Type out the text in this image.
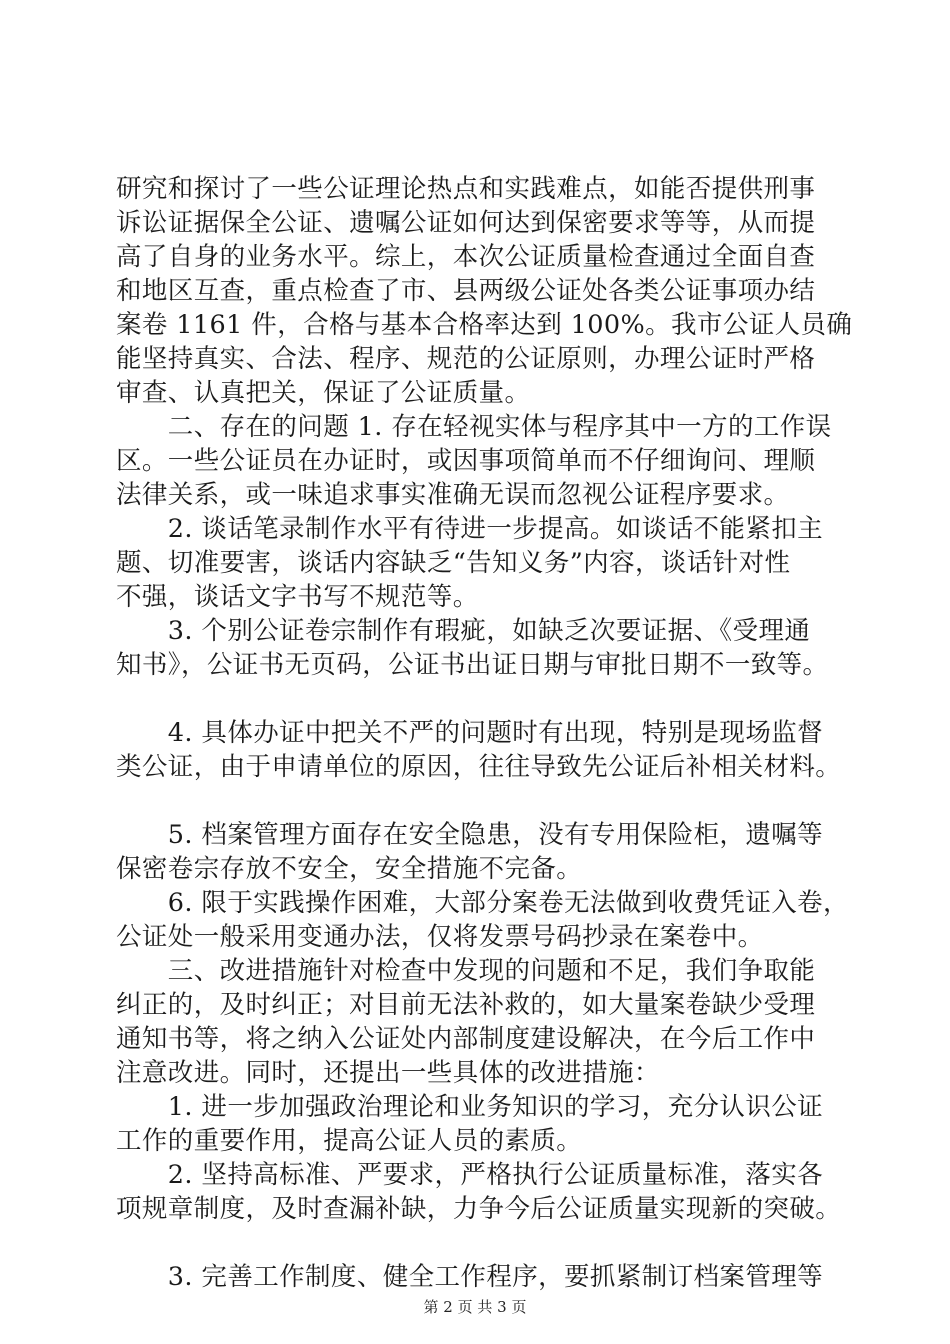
研究和探讨了一些公证理论热点和实践难点，如能否提供刑事
诉讼证据保全公证、遗嘱公证如何达到保密要求等等，从而提
高了自身的业务水平。综上，本次公证质量检查通过全面自查
和地区互查，重点检查了市、县两级公证处各类公证事项办结
案卷 1161 件，合格与基本合格率达到 100%。我市公证人员确
能坚持真实、合法、程序、规范的公证原则，办理公证时严格
审查、认真把关，保证了公证质量。
　　二、存在的问题 1. 存在轻视实体与程序其中一方的工作误
区。一些公证员在办证时，或因事项简单而不仔细询问、理顺
法律关系，或一味追求事实准确无误而忽视公证程序要求。
　　2. 谈话笔录制作水平有待进一步提高。如谈话不能紧扣主
题、切准要害，谈话内容缺乏“告知义务”内容，谈话针对性
不强，谈话文字书写不规范等。
　　3. 个别公证卷宗制作有瑕疵，如缺乏次要证据、《受理通
知书》，公证书无页码，公证书出证日期与审批日期不一致等。
　　4. 具体办证中把关不严的问题时有出现，特别是现场监督
类公证，由于申请单位的原因，往往导致先公证后补相关材料。
　　5. 档案管理方面存在安全隐患，没有专用保险柜，遗嘱等
保密卷宗存放不安全，安全措施不完备。
　　6. 限于实践操作困难，大部分案卷无法做到收费凭证入卷，
公证处一般采用变通办法，仅将发票号码抄录在案卷中。
　　三、改进措施针对检查中发现的问题和不足，我们争取能
纠正的，及时纠正；对目前无法补救的，如大量案卷缺少受理
通知书等，将之纳入公证处内部制度建设解决，在今后工作中
注意改进。同时，还提出一些具体的改进措施：
　　1. 进一步加强政治理论和业务知识的学习，充分认识公证
工作的重要作用，提高公证人员的素质。
　　2. 坚持高标准、严要求，严格执行公证质量标准，落实各
项规章制度，及时查漏补缺，力争今后公证质量实现新的突破。
　　3. 完善工作制度、健全工作程序，要抓紧制订档案管理等
第 2 页 共 3 页
